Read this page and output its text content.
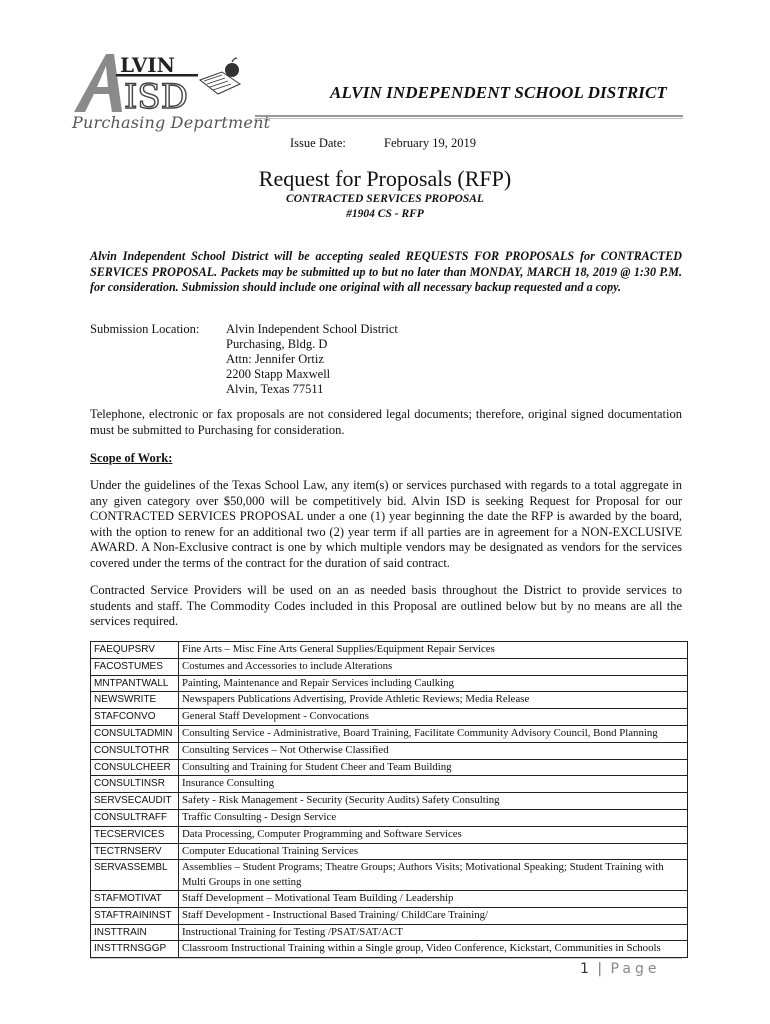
LVIN
ISD
Purchasing Department
ALVIN INDEPENDENT SCHOOL DISTRICT
Issue Date:	February 19, 2019
Request for Proposals (RFP)
CONTRACTED SERVICES PROPOSAL
#1904 CS - RFP
Alvin Independent School District will be accepting sealed REQUESTS FOR PROPOSALS for CONTRACTED SERVICES PROPOSAL. Packets may be submitted up to but no later than MONDAY, MARCH 18, 2019 @ 1:30 P.M. for consideration. Submission should include one original with all necessary backup requested and a copy.
Submission Location: Alvin Independent School District
Purchasing, Bldg. D
Attn: Jennifer Ortiz
2200 Stapp Maxwell
Alvin, Texas 77511
Telephone, electronic or fax proposals are not considered legal documents; therefore, original signed documentation must be submitted to Purchasing for consideration.
Scope of Work:
Under the guidelines of the Texas School Law, any item(s) or services purchased with regards to a total aggregate in any given category over $50,000 will be competitively bid. Alvin ISD is seeking Request for Proposal for our CONTRACTED SERVICES PROPOSAL under a one (1) year beginning the date the RFP is awarded by the board, with the option to renew for an additional two (2) year term if all parties are in agreement for a NON-EXCLUSIVE AWARD. A Non-Exclusive contract is one by which multiple vendors may be designated as vendors for the services covered under the terms of the contract for the duration of said contract.
Contracted Service Providers will be used on an as needed basis throughout the District to provide services to students and staff. The Commodity Codes included in this Proposal are outlined below but by no means are all the services required.
FAEQUPSRV	Fine Arts – Misc Fine Arts General Supplies/Equipment Repair Services
FACOSTUMES	Costumes and Accessories to include Alterations
MNTPANTWALL	Painting, Maintenance and Repair Services including Caulking
NEWSWRITE	Newspapers Publications Advertising, Provide Athletic Reviews; Media Release
STAFCONVO	General Staff Development - Convocations
CONSULTADMIN	Consulting Service - Administrative, Board Training, Facilitate Community Advisory Council, Bond Planning
CONSULTOTHR	Consulting Services – Not Otherwise Classified
CONSULCHEER	Consulting and Training for Student Cheer and Team Building
CONSULTINSR	Insurance Consulting
SERVSECAUDIT	Safety - Risk Management - Security (Security Audits) Safety Consulting
CONSULTRAFF	Traffic Consulting - Design Service
TECSERVICES	Data Processing, Computer Programming and Software Services
TECTRNSERV	Computer Educational Training Services
SERVASSEMBL	Assemblies – Student Programs; Theatre Groups; Authors Visits; Motivational Speaking; Student Training with Multi Groups in one setting
STAFMOTIVAT	Staff Development – Motivational Team Building / Leadership
STAFTRAININST	Staff Development - Instructional Based Training/ ChildCare Training/
INSTTRAIN	Instructional Training for Testing /PSAT/SAT/ACT
INSTTRNSGGP	Classroom Instructional Training within a Single group, Video Conference, Kickstart, Communities in Schools
1 | Page
